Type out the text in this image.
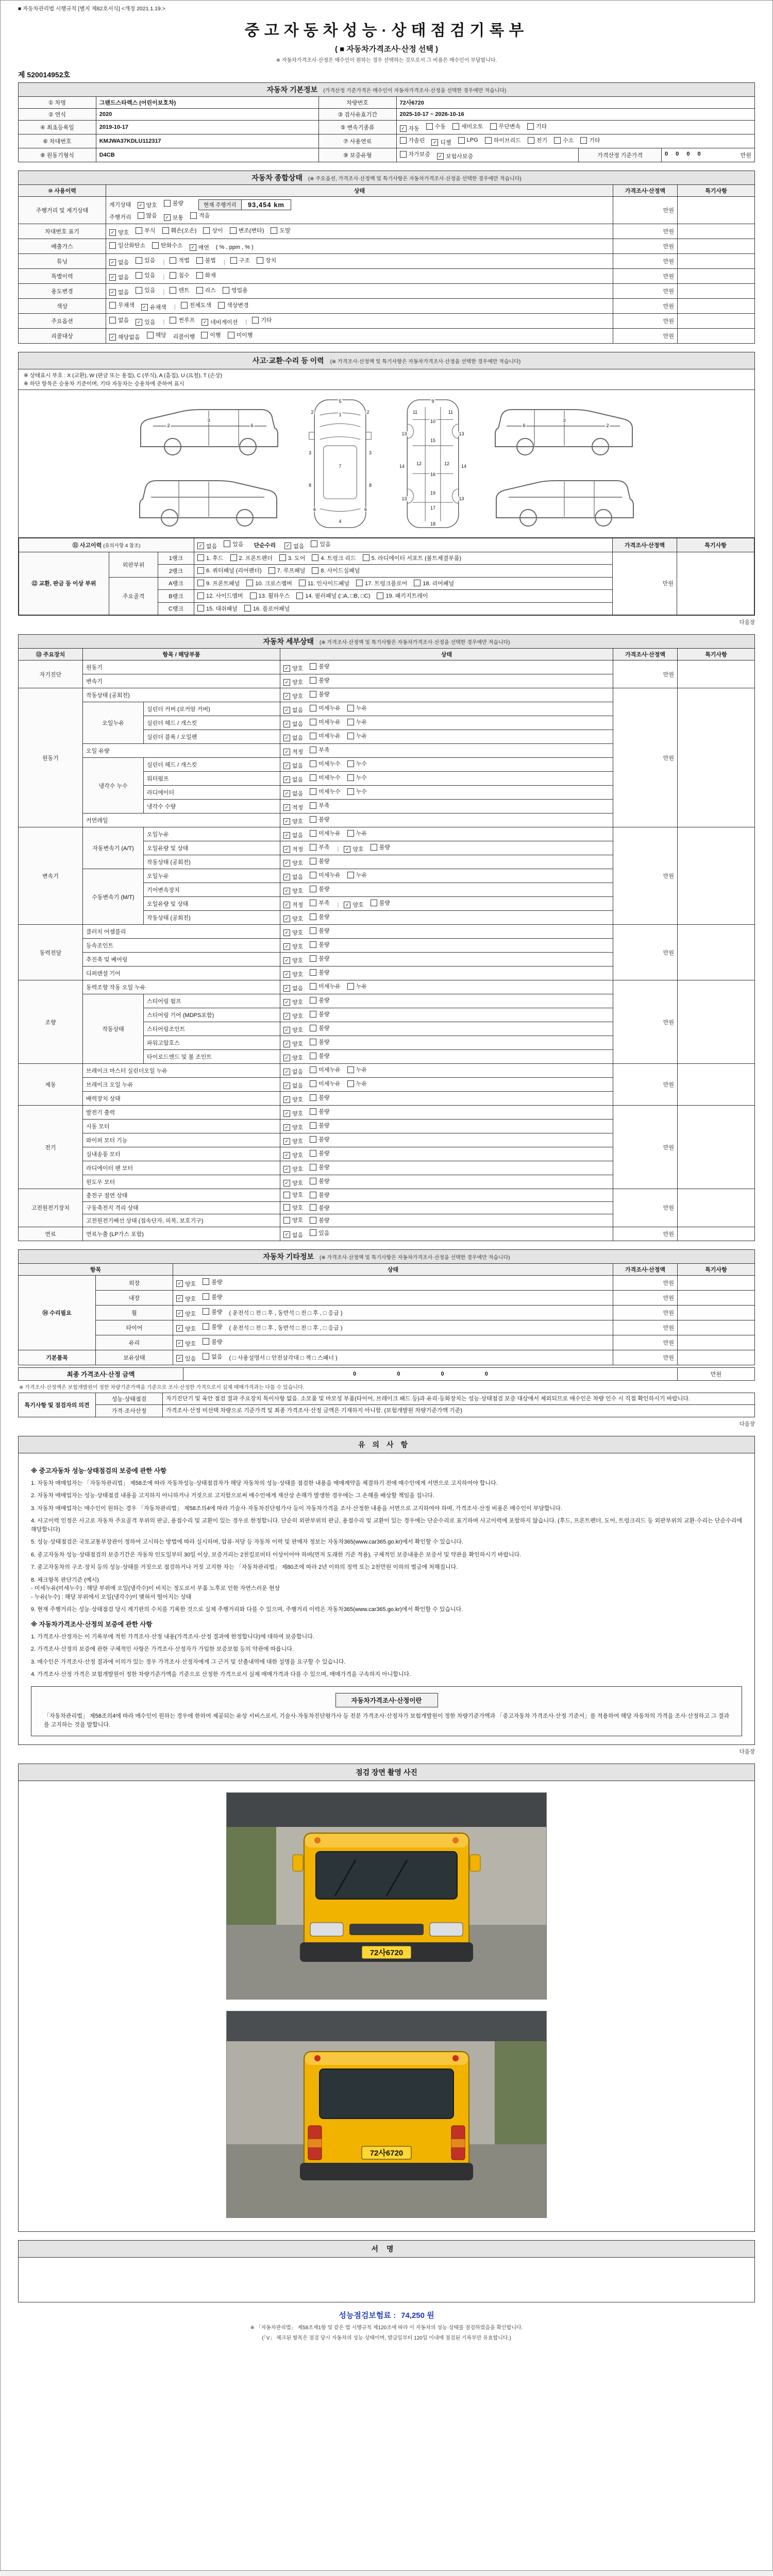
■ 자동차관리법 시행규칙 [별지 제82호서식] <개정 2021.1.19.>
중고자동차성능·상태점검기록부
( ■ 자동차가격조사·산정 선택 )
※ 자동차가격조사·산정은 매수인이 원하는 경우 선택하는 것으로서 그 비용은 매수인이 부담합니다.
제 520014952호
자동차 기본정보 (가격산정 기준가격은 매수인이 자동차가격조사·산정을 선택한 경우에만 적습니다)					
① 차명	그랜드스타렉스 (어린이보호차)	차량번호	72사6720		
② 연식	2020	③ 검사유효기간	2025-10-17 ~ 2026-10-16		
④ 최초등록일	2019-10-17	⑤ 변속기종류	✓ 자동	수동	세미오토	무단변속	기타

⑥ 차대번호	KMJWA37KDLU112317	⑦ 사용연료	가솔린	✓ 디젤	LPG	하이브리드	전기	수소	기타

⑧ 원동기형식	D4CB	⑨ 보증유형	자가보증 ✓ 보험사보증	가격산정 기준가격	0 0 0 0 만원
자동차 종합상태 (※ 주요옵션, 가격조사·산정액 및 특기사항은 자동차가격조사·산정을 선택한 경우에만 적습니다)			
⑩ 사용이력	상태	가격조사·산정액	특기사항
주행거리 및 계기상태	
계기상태	✓ 양호	불량	현재 주행거리	93,454 km
주행거리	많음	✓ 보통	적음
	만원	
차대번호 표기	✓ 양호	부식	훼손(오손)	상이	변조(변타)	도말	만원	
배출가스	일산화탄소 탄화수소 ✓ 매연 ( % , ppm , % )	만원	
튜닝	✓ 없음	있음 | 적법	불법 | 구조	장치	만원	
특별이력	✓ 없음	있음 | 침수	화재	만원	
용도변경	✓ 없음	있음 | 렌트	리스	영업용	만원	
색상	무채색	✓ 유채색 | 전체도색	색상변경	만원	
주요옵션	없음	✓ 있음 | 썬루프	✓ 네비게이션 | 기타	만원	
리콜대상	✓ 해당없음	해당 리콜이행	이행	미이행	만원	
사고·교환·수리 등 이력 (※ 가격조사·산정액 및 특기사항은 자동차가격조사·산정을 선택한 경우에만 적습니다)
※ 상태표시 부호 : X (교환), W (판금 또는 용접), C (부식), A (흠집), U (요철), T (손상)
※ 하단 항목은 승용차 기준이며, 기타 자동차는 승용차에 준하여 표시
2
3
6
5
1
2	2
3	3
7
8	8
6	6
4
9
11	11
10
13	13
15
12	12
14	14
16
19
13	13
17
18
6
3
2
⑪ 사고이력 (유의사항 4 참조)	✓ 없음	있음 단순수리	✓ 없음	있음	가격조사·산정액	특기사항
⑫ 교환, 판금 등 이상 부위	외판부위	1랭크	1. 후드 2. 프론트펜더 3. 도어 4. 트렁크 리드 5. 라디에이터 서포트 (볼트체결부품)	만원	
		2랭크	6. 쿼터패널 (리어펜더) 7. 루프패널 8. 사이드실패널		

	주요골격	A랭크	9. 프론트패널 10. 크로스멤버 11. 인사이드패널 17. 트렁크플로어 18. 리어패널		

		B랭크	12. 사이드멤버 13. 휠하우스 14. 필러패널 (□A, □B, □C) 19. 패키지트레이		

		C랭크	15. 대쉬패널 16. 플로어패널		
다음장
자동차 세부상태 (※ 가격조사·산정액 및 특기사항은 자동차가격조사·산정을 선택한 경우에만 적습니다)					
⑬ 주요장치	항목 / 해당부품		상태	가격조사·산정액	특기사항
자기진단	원동기		✓ 양호 불량	만원	
	변속기		✓ 양호 불량		

원동기	작동상태 (공회전)		✓ 양호 불량	만원	
	오일누유	실린더 커버 (로커암 커버)	✓ 없음 미세누유 누유		

		실린더 헤드 / 개스킷	✓ 없음 미세누유 누유		

		실린더 블록 / 오일팬	✓ 없음 미세누유 누유		

	오일 유량		✓ 적정 부족		

	냉각수 누수	실린더 헤드 / 개스킷	✓ 없음 미세누수 누수		

		워터펌프	✓ 없음 미세누수 누수		

		라디에이터	✓ 없음 미세누수 누수		

		냉각수 수량	✓ 적정 부족		

	커먼레일		✓ 양호 불량		

변속기	자동변속기 (A/T)	오일누유	✓ 없음 미세누유 누유	만원	
오일유량 및 상태	✓ 적정	부족 |	✓ 양호	불량

		작동상태 (공회전)	✓ 양호 불량		

	수동변속기 (M/T)	오일누유	✓ 없음 미세누유 누유		

		기어변속장치	✓ 양호 불량		

오일유량 및 상태	✓ 적정	부족 |	✓ 양호	불량

		작동상태 (공회전)	✓ 양호 불량		

동력전달	클러치 어셈블리		✓ 양호 불량	만원	
	등속조인트		✓ 양호 불량		

	추진축 및 베어링		✓ 양호 불량		

	디퍼렌셜 기어		✓ 양호 불량		

조향	동력조향 작동 오일 누유		✓ 없음 미세누유 누유	만원	
	작동상태	스티어링 펌프	✓ 양호 불량		

		스티어링 기어 (MDPS포함)	✓ 양호 불량		

		스티어링조인트	✓ 양호 불량		

		파워고압호스	✓ 양호 불량		

		타이로드엔드 및 볼 조인트	✓ 양호 불량		

제동	브레이크 마스터 실린더오일 누유		✓ 없음 미세누유 누유	만원	
	브레이크 오일 누유		✓ 없음 미세누유 누유		

	배력장치 상태		✓ 양호 불량		

전기	발전기 출력		✓ 양호 불량	만원	
	시동 모터		✓ 양호 불량		

	와이퍼 모터 기능		✓ 양호 불량		

	실내송풍 모터		✓ 양호 불량		

	라디에이터 팬 모터		✓ 양호 불량		

	윈도우 모터		✓ 양호 불량		

고전원전기장치	충전구 절연 상태		양호 불량	만원	
	구동축전지 격리 상태		양호 불량		

	고전원전기배선 상태 (접속단자, 피복, 보호기구)		양호 불량		

연료	연료누출 (LP가스 포함)		✓ 없음 있음	만원	
자동차 기타정보 (※ 가격조사·산정액 및 특기사항은 자동차가격조사·산정을 선택한 경우에만 적습니다)				
항목		상태	가격조사·산정액	특기사항
⑭ 수리필요	외장	✓ 양호 불량	만원	
	내장	✓ 양호 불량	만원	
	휠	✓ 양호 불량 ( 운전석 □ 전 □ 후 , 동반석 □ 전 □ 후 , □ 응급 )	만원	
	타이어	✓ 양호 불량 ( 운전석 □ 전 □ 후 , 동반석 □ 전 □ 후 , □ 응급 )	만원	
	유리	✓ 양호 불량	만원	
기본품목	보유상태	✓ 있음 없음 ( □ 사용설명서 □ 안전삼각대 □ 잭 □ 스패너 )	만원	
최종 가격조사·산정 금액	0 0 0 0	만원
※ 가격조사·산정액은 보험개발원이 정한 차량기준가액을 기준으로 조사·산정한 가격으로서 실제 매매가격과는 다를 수 있습니다.
특기사항 및 점검자의 의견	성능·상태점검	자기진단기 및 육안 점검 결과 주요장치 특이사항 없음. 소모품 및 마모성 부품(타이어, 브레이크 패드 등)과 유리·등화장치는 성능·상태점검 보증 대상에서 제외되므로 매수인은 차량 인수 시 직접 확인하시기 바랍니다.
	가격·조사산정	가격조사·산정 미선택 차량으로 기준가격 및 최종 가격조사·산정 금액은 기재하지 아니함. (보험개발원 차량기준가액 기준)
다음장
유의사항
※ 중고자동차 성능·상태점검의 보증에 관한 사항
1. 자동차 매매업자는 「자동차관리법」 제58조에 따라 자동차성능·상태점검자가 해당 자동차의 성능·상태를 점검한 내용을 매매계약을 체결하기 전에 매수인에게 서면으로 고지하여야 합니다.
2. 자동차 매매업자는 성능·상태점검 내용을 고지하지 아니하거나 거짓으로 고지함으로써 매수인에게 재산상 손해가 발생한 경우에는 그 손해를 배상할 책임을 집니다.
3. 자동차 매매업자는 매수인이 원하는 경우 「자동차관리법」 제58조의4에 따라 기술사·자동차진단평가사 등이 자동차가격을 조사·산정한 내용을 서면으로 고지하여야 하며, 가격조사·산정 비용은 매수인이 부담합니다.
4. 사고이력 인정은 사고로 자동차 주요골격 부위의 판금, 용접수리 및 교환이 있는 경우로 한정합니다. 단순히 외판부위의 판금, 용접수리 및 교환이 있는 경우에는 단순수리로 표기하며 사고이력에 포함하지 않습니다. (후드, 프론트펜더, 도어, 트렁크리드 등 외판부위의 교환·수리는 단순수리에 해당합니다)
5. 성능·상태점검은 국토교통부장관이 정하여 고시하는 방법에 따라 실시하며, 압류·저당 등 자동차 이력 및 판매자 정보는 자동차365(www.car365.go.kr)에서 확인할 수 있습니다.
6. 중고자동차 성능·상태점검의 보증기간은 자동차 인도일부터 30일 이상, 보증거리는 2천킬로미터 이상이어야 하며(먼저 도래한 기준 적용), 구체적인 보증내용은 보증서 및 약관을 확인하시기 바랍니다.
7. 중고자동차의 구조·장치 등의 성능·상태를 거짓으로 점검하거나 거짓 고지한 자는 「자동차관리법」 제80조에 따라 2년 이하의 징역 또는 2천만원 이하의 벌금에 처해집니다.
8. 체크항목 판단기준 (예시)
- 미세누유(미세누수) : 해당 부위에 오일(냉각수)이 비치는 정도로서 부품 노후로 인한 자연스러운 현상
- 누유(누수) : 해당 부위에서 오일(냉각수)이 맺혀서 떨어지는 상태
9. 현재 주행거리는 성능·상태점검 당시 계기판의 수치를 기록한 것으로 실제 주행거리와 다를 수 있으며, 주행거리 이력은 자동차365(www.car365.go.kr)에서 확인할 수 있습니다.
※ 자동차가격조사·산정의 보증에 관한 사항
1. 가격조사·산정자는 이 기록부에 적힌 가격조사·산정 내용(가격조사·산정 결과에 한정합니다)에 대하여 보증합니다.
2. 가격조사·산정의 보증에 관한 구체적인 사항은 가격조사·산정자가 가입한 보증보험 등의 약관에 따릅니다.
3. 매수인은 가격조사·산정 결과에 이의가 있는 경우 가격조사·산정자에게 그 근거 및 산출내역에 대한 설명을 요구할 수 있습니다.
4. 가격조사·산정 가격은 보험개발원이 정한 차량기준가액을 기준으로 산정한 가격으로서 실제 매매가격과 다를 수 있으며, 매매가격을 구속하지 아니합니다.
자동차가격조사·산정이란
「자동차관리법」 제58조의4에 따라 매수인이 원하는 경우에 한하여 제공되는 유상 서비스로서, 기술사·자동차진단평가사 등 전문 가격조사·산정자가 보험개발원이 정한 차량기준가액과 「중고자동차 가격조사·산정 기준서」를 적용하여 해당 자동차의 가격을 조사·산정하고 그 결과를 고지하는 것을 말합니다.
다음장
점검 장면 촬영 사진
72사6720
72사6720
서명
성능점검보험료 : 74,250 원
※ 「자동차관리법」 제58조제1항 및 같은 법 시행규칙 제120조에 따라 이 자동차의 성능·상태를 점검하였음을 확인합니다.
(「V」 체크된 항목은 점검 당시 자동차의 성능·상태이며, 발급일부터 120일 이내에 점검된 기록부만 유효합니다.)
